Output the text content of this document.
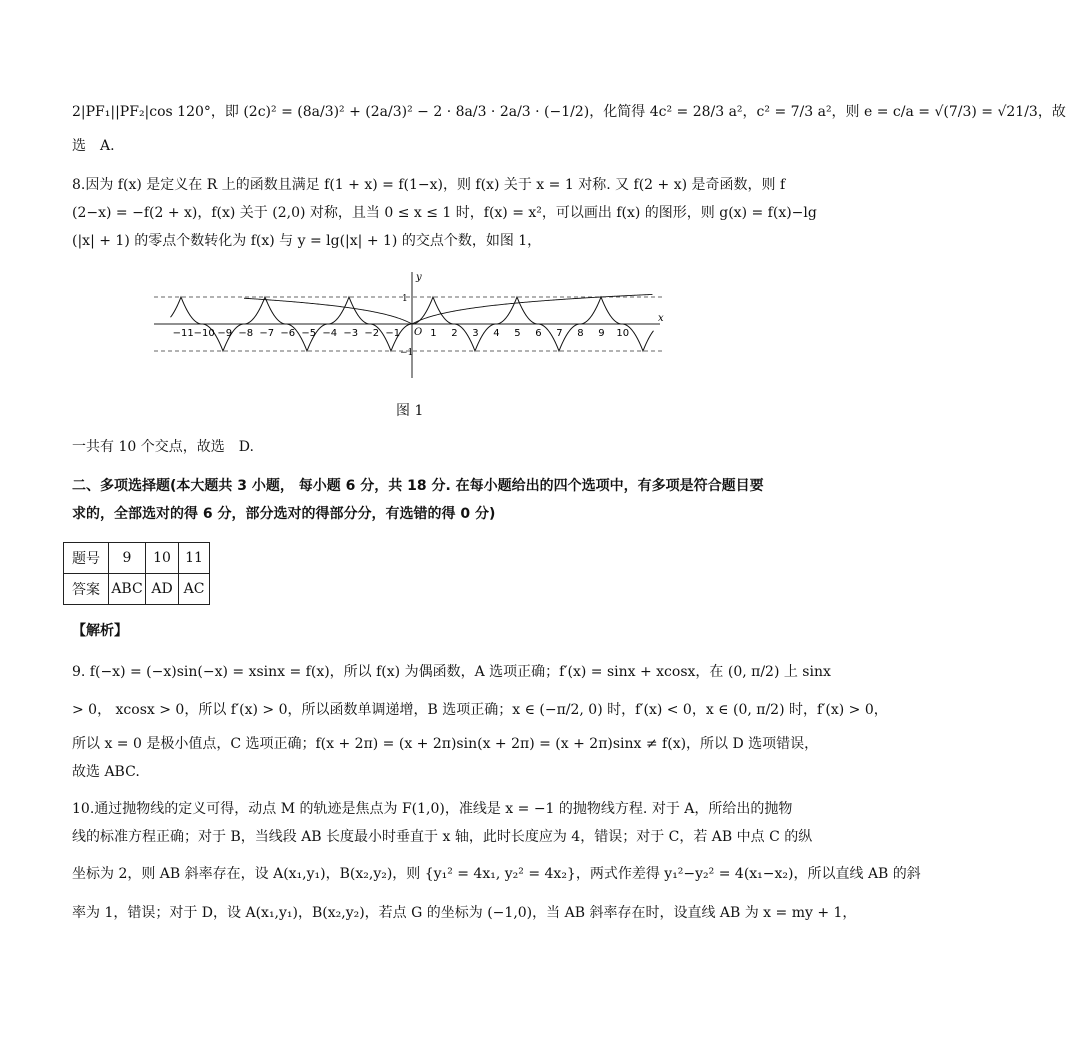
2|PF₁||PF₂|cos 120°，即 (2c)² = (8a/3)² + (2a/3)² − 2 · 8a/3 · 2a/3 · (−1/2)，化简得 4c² = 28/3 a²，c² = 7/3 a²，则 e = c/a = √(7/3) = √21/3，故
选　A.
8.因为 f(x) 是定义在 R 上的函数且满足 f(1 + x) = f(1−x)，则 f(x) 关于 x = 1 对称. 又 f(2 + x) 是奇函数，则 f
(2−x) = −f(2 + x)，f(x) 关于 (2,0) 对称，且当 0 ≤ x ≤ 1 时，f(x) = x²，可以画出 f(x) 的图形，则 g(x) = f(x)−lg
(|x| + 1) 的零点个数转化为 f(x) 与 y = lg(|x| + 1) 的交点个数，如图 1，
x
y
O
1
−1
−11 −10 −9 −8 −7 −6 −5 −4 −3 −2 −1	1 2 3 4 5 6 7 8 9 10
图 1
一共有 10 个交点，故选　D.
二、多项选择题(本大题共 3 小题， 每小题 6 分，共 18 分. 在每小题给出的四个选项中，有多项是符合题目要
求的，全部选对的得 6 分，部分选对的得部分分，有选错的得 0 分)
题号	9	10	11
答案	ABC	AD	AC
【解析】
9. f(−x) = (−x)sin(−x) = xsinx = f(x)，所以 f(x) 为偶函数，A 选项正确；f′(x) = sinx + xcosx，在 (0, π/2) 上 sinx
> 0， xcosx > 0，所以 f′(x) > 0，所以函数单调递增，B 选项正确；x ∈ (−π/2, 0) 时，f′(x) < 0，x ∈ (0, π/2) 时，f′(x) > 0，
所以 x = 0 是极小值点，C 选项正确；f(x + 2π) = (x + 2π)sin(x + 2π) = (x + 2π)sinx ≠ f(x)，所以 D 选项错误，
故选 ABC.
10.通过抛物线的定义可得，动点 M 的轨迹是焦点为 F(1,0)，准线是 x = −1 的抛物线方程. 对于 A，所给出的抛物
线的标准方程正确；对于 B，当线段 AB 长度最小时垂直于 x 轴，此时长度应为 4，错误；对于 C，若 AB 中点 C 的纵
坐标为 2，则 AB 斜率存在，设 A(x₁,y₁)，B(x₂,y₂)，则 {y₁² = 4x₁, y₂² = 4x₂}，两式作差得 y₁²−y₂² = 4(x₁−x₂)，所以直线 AB 的斜
率为 1，错误；对于 D，设 A(x₁,y₁)，B(x₂,y₂)，若点 G 的坐标为 (−1,0)，当 AB 斜率存在时，设直线 AB 为 x = my + 1，
